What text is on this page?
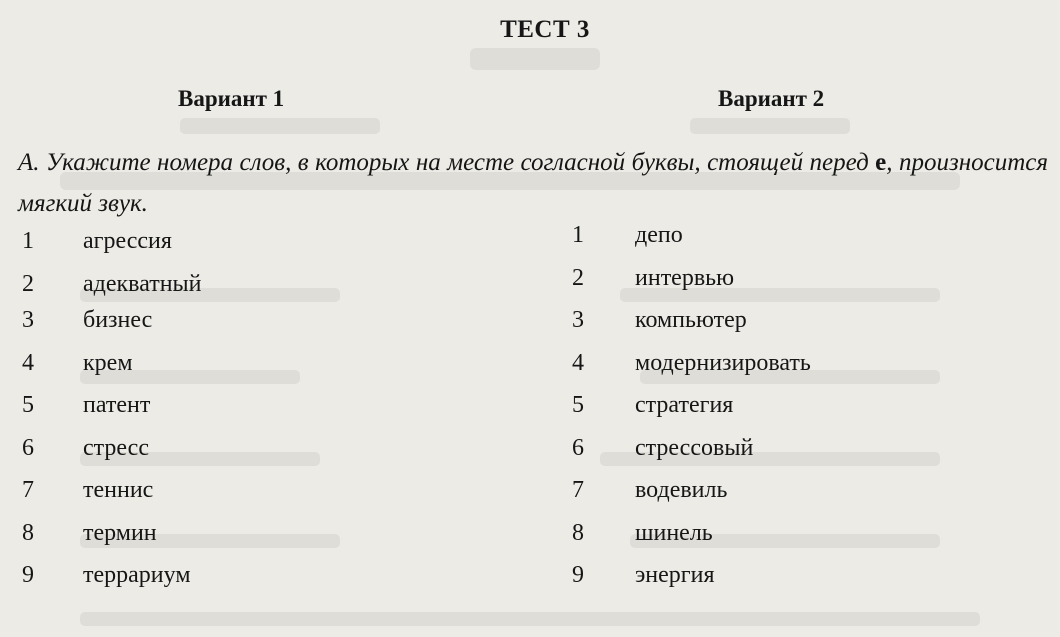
ТЕСТ 3
Вариант 1	Вариант 2
А. Укажите номера слов, в которых на месте согласной буквы, стоящей перед е, произносится мягкий звук.
1 агрессия
2 адекватный
3 бизнес
4 крем
5 патент
6 стресс
7 теннис
8 термин
9 террариум
1 депо
2 интервью
3 компьютер
4 модернизировать
5 стратегия
6 стрессовый
7 водевиль
8 шинель
9 энергия
